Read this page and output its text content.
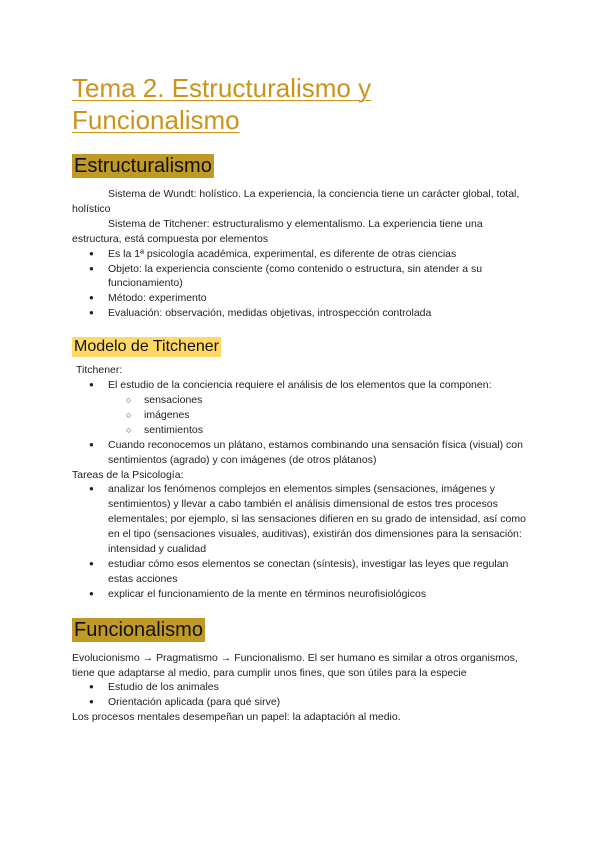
Tema 2. Estructuralismo y Funcionalismo
Estructuralismo

Sistema de Wundt: holístico. La experiencia, la conciencia tiene un carácter global, total, holístico

Sistema de Titchener: estructuralismo y elementalismo. La experiencia tiene una estructura, está compuesta por elementos

● Es la 1ª psicología académica, experimental, es diferente de otras ciencias
● Objeto: la experiencia consciente (como contenido o estructura, sin atender a su funcionamiento)
● Método: experimento
● Evaluación: observación, medidas objetivas, introspección controlada
Modelo de Titchener

Titchener:

● El estudio de la conciencia requiere el análisis de los elementos que la componen:
○ sensaciones
○ imágenes
○ sentimientos
● Cuando reconocemos un plátano, estamos combinando una sensación física (visual) con sentimientos (agrado) y con imágenes (de otros plátanos)

Tareas de la Psicología:

● analizar los fenómenos complejos en elementos simples (sensaciones, imágenes y sentimientos) y llevar a cabo también el análisis dimensional de estos tres procesos elementales; por ejemplo, si las sensaciones difieren en su grado de intensidad, así como en el tipo (sensaciones visuales, auditivas), existirán dos dimensiones para la sensación: intensidad y cualidad
● estudiar cómo esos elementos se conectan (síntesis), investigar las leyes que regulan estas acciones
● explicar el funcionamiento de la mente en términos neurofisiológicos
Funcionalismo

Evolucionismo → Pragmatismo → Funcionalismo. El ser humano es similar a otros organismos, tiene que adaptarse al medio, para cumplir unos fines, que son útiles para la especie

● Estudio de los animales
● Orientación aplicada (para qué sirve)

Los procesos mentales desempeñan un papel: la adaptación al medio.
